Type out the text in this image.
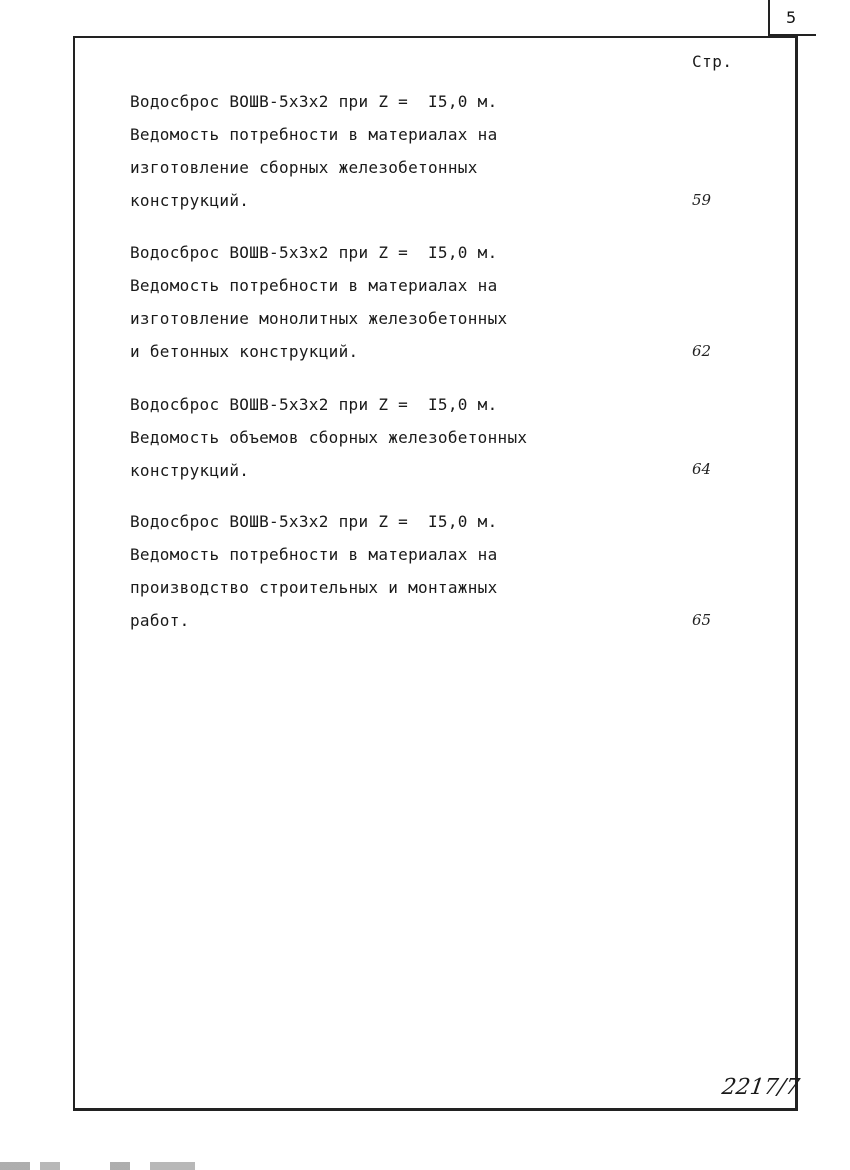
5
Стр.
Водосброс ВОШВ-5х3х2 при Z =  I5,0 м.
Ведомость потребности в материалах на
изготовление сборных железобетонных
конструкций.	59
Водосброс ВОШВ-5х3х2 при Z =  I5,0 м.
Ведомость потребности в материалах на
изготовление монолитных железобетонных
и бетонных конструкций.	62
Водосброс ВОШВ-5х3х2 при Z =  I5,0 м.
Ведомость объемов сборных железобетонных
конструкций.	64
Водосброс ВОШВ-5х3х2 при Z =  I5,0 м.
Ведомость потребности в материалах на
производство строительных и монтажных
работ.	65
2217/7
